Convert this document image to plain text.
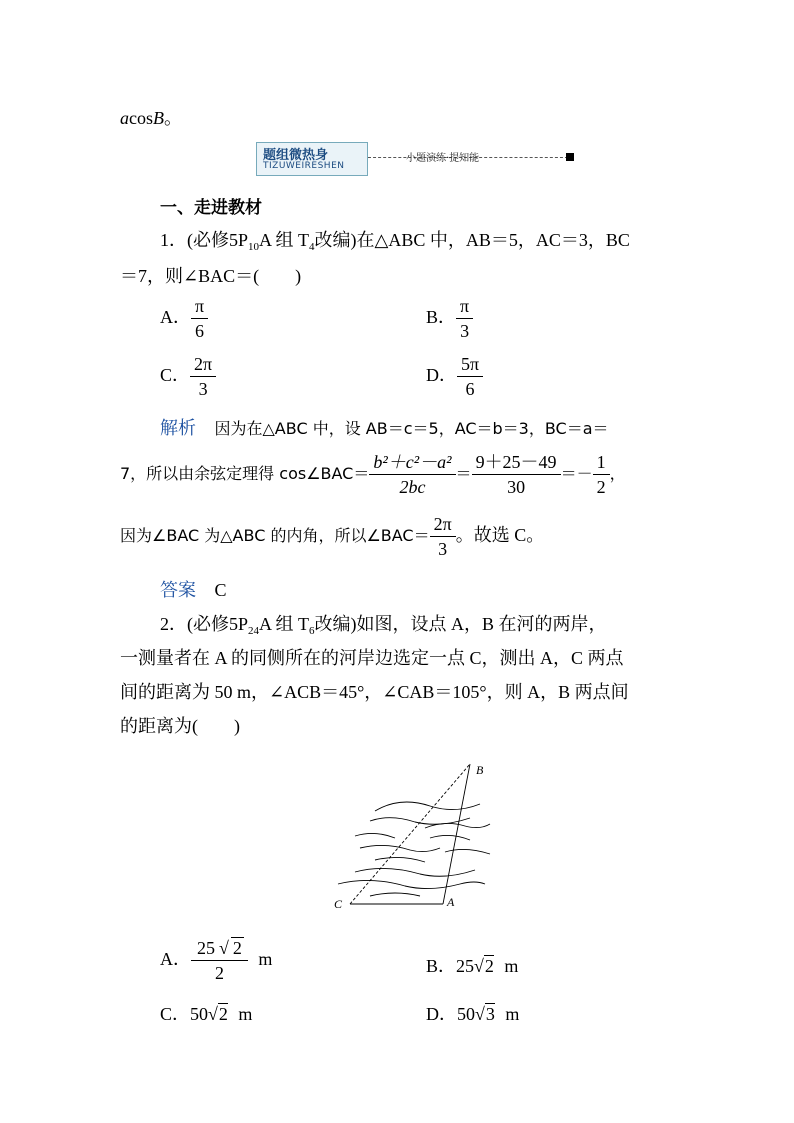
acosB。
题组微热身
TIZUWEIRESHEN
小题演练·提知能
一、走进教材
1．(必修$5P_{10}A$ 组 $T_4$改编)在△ABC 中，AB＝5，AC＝3，BC
＝7，则∠BAC＝(　　)
A． $\frac{\pi}{6}$	B． $\frac{\pi}{3}$
C． $\frac{2\pi}{3}$	D． $\frac{5\pi}{6}$
解析 因为在△ABC 中，设 AB＝c＝5，AC＝b＝3，BC＝a＝
7，所以由余弦定理得 cos∠BAC＝ $\frac{\text{b²＋c²－a²}}{2bc} = \frac{9+25-49}{30} =- \frac{1}{2}$ ，
因为∠BAC 为△ABC 的内角，所以∠BAC＝ $\frac{2\pi}{3}$ 。故选 C。
答案 C
2．(必修$5P_{24}A$ 组 $T_6$改编)如图，设点 A，B 在河的两岸，
一测量者在 A 的同侧所在的河岸边选定一点 C，测出 A，C 两点
间的距离为 50 m，∠ACB＝45°，∠CAB＝105°，则 A，B 两点间
的距离为(　　)
B
C	A
A． $\frac{25 √ 2}{2}$ m	B．25√2 m
C．50√2 m	D．50√3 m
